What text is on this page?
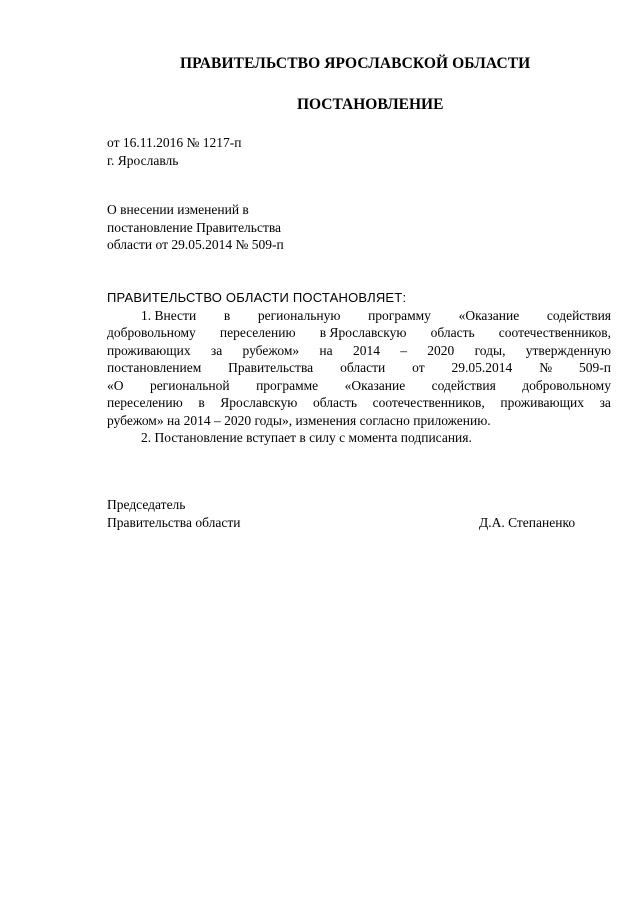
ПРАВИТЕЛЬСТВО ЯРОСЛАВСКОЙ ОБЛАСТИ
ПОСТАНОВЛЕНИЕ
от 16.11.2016 № 1217-п
г. Ярославль
О внесении изменений в
постановление Правительства
области от 29.05.2014 № 509-п
ПРАВИТЕЛЬСТВО ОБЛАСТИ ПОСТАНОВЛЯЕТ:
1. Внести в региональную программу «Оказание содействия
добровольному переселению в Ярославскую область соотечественников,
проживающих за рубежом» на 2014 – 2020 годы, утвержденную
постановлением Правительства области от 29.05.2014 № 509-п
«О региональной программе «Оказание содействия добровольному
переселению в Ярославскую область соотечественников, проживающих за
рубежом» на 2014 – 2020 годы», изменения согласно приложению.
2. Постановление вступает в силу с момента подписания.
Председатель
Правительства области	Д.А. Степаненко
